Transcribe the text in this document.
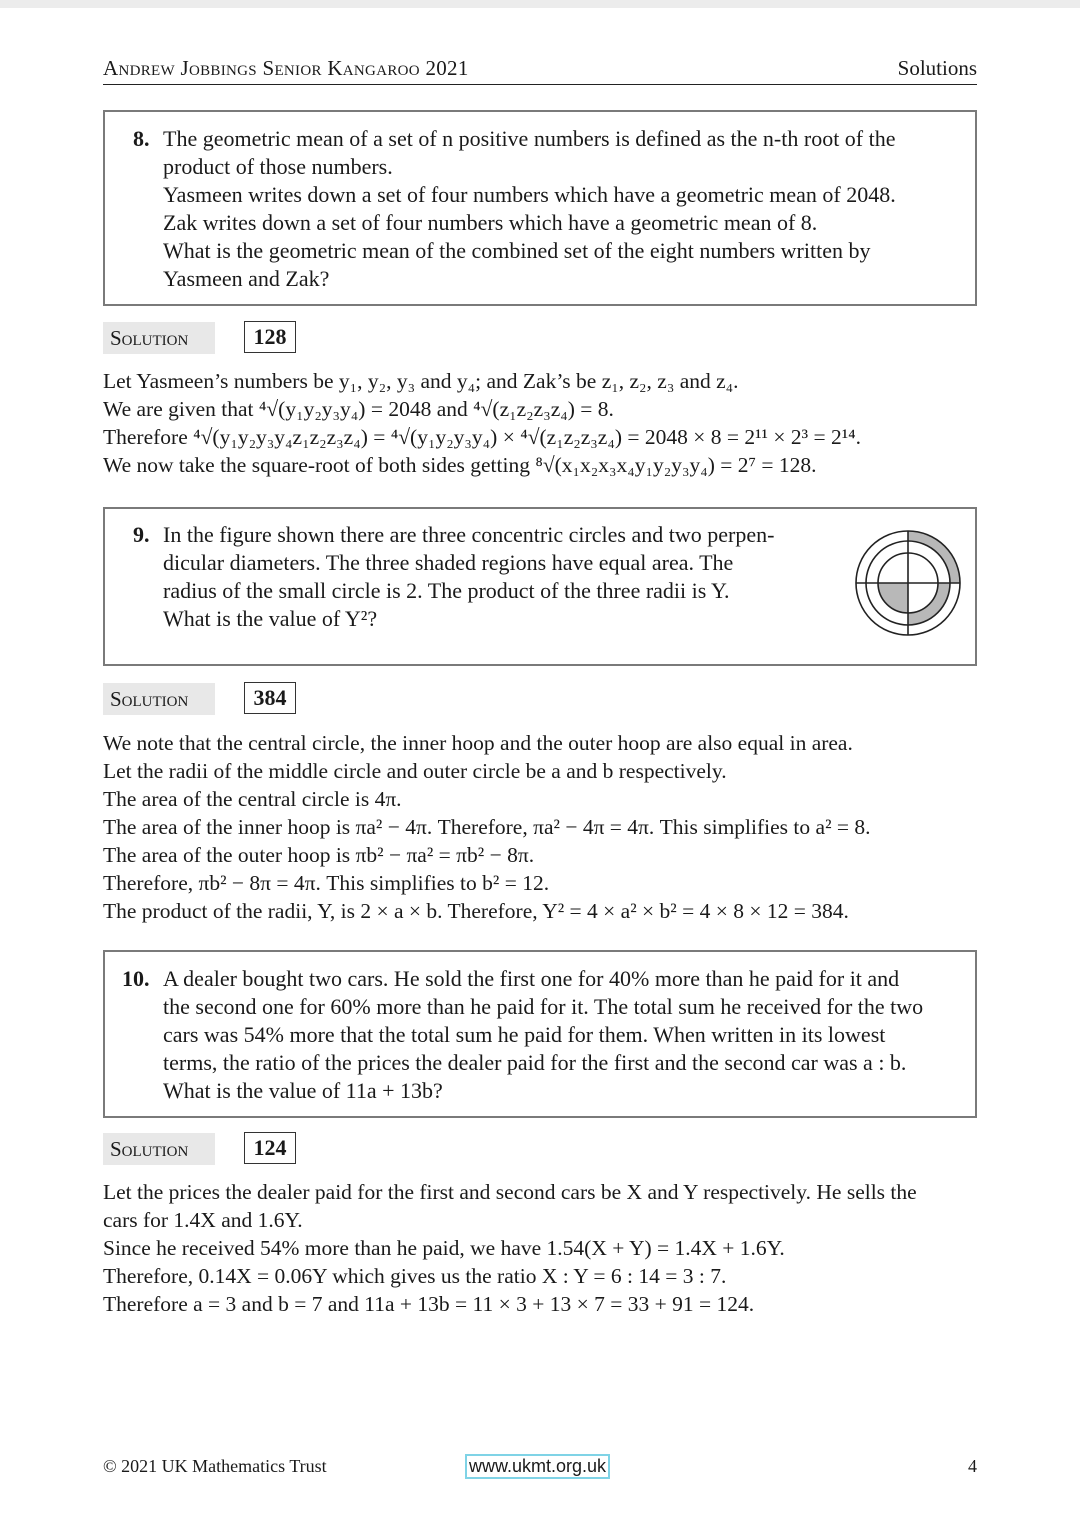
Andrew Jobbings Senior Kangaroo 2021	Solutions
8. The geometric mean of a set of n positive numbers is defined as the n-th root of the
product of those numbers.
Yasmeen writes down a set of four numbers which have a geometric mean of 2048.
Zak writes down a set of four numbers which have a geometric mean of 8.
What is the geometric mean of the combined set of the eight numbers written by
Yasmeen and Zak?
Solution	128
Let Yasmeen’s numbers be y₁, y₂, y₃ and y₄; and Zak’s be z₁, z₂, z₃ and z₄.
We are given that ⁴√(y₁y₂y₃y₄) = 2048 and ⁴√(z₁z₂z₃z₄) = 8.
Therefore ⁴√(y₁y₂y₃y₄z₁z₂z₃z₄) = ⁴√(y₁y₂y₃y₄) × ⁴√(z₁z₂z₃z₄) = 2048 × 8 = 2¹¹ × 2³ = 2¹⁴.
We now take the square-root of both sides getting ⁸√(x₁x₂x₃x₄y₁y₂y₃y₄) = 2⁷ = 128.
9. In the figure shown there are three concentric circles and two perpen-
dicular diameters. The three shaded regions have equal area. The
radius of the small circle is 2. The product of the three radii is Y.
What is the value of Y²?
Solution	384
We note that the central circle, the inner hoop and the outer hoop are also equal in area.
Let the radii of the middle circle and outer circle be a and b respectively.
The area of the central circle is 4π.
The area of the inner hoop is πa² − 4π. Therefore, πa² − 4π = 4π. This simplifies to a² = 8.
The area of the outer hoop is πb² − πa² = πb² − 8π.
Therefore, πb² − 8π = 4π. This simplifies to b² = 12.
The product of the radii, Y, is 2 × a × b. Therefore, Y² = 4 × a² × b² = 4 × 8 × 12 = 384.
10. A dealer bought two cars. He sold the first one for 40% more than he paid for it and
the second one for 60% more than he paid for it. The total sum he received for the two
cars was 54% more that the total sum he paid for them. When written in its lowest
terms, the ratio of the prices the dealer paid for the first and the second car was a : b.
What is the value of 11a + 13b?
Solution	124
Let the prices the dealer paid for the first and second cars be X and Y respectively. He sells the
cars for 1.4X and 1.6Y.
Since he received 54% more than he paid, we have 1.54(X + Y) = 1.4X + 1.6Y.
Therefore, 0.14X = 0.06Y which gives us the ratio X : Y = 6 : 14 = 3 : 7.
Therefore a = 3 and b = 7 and 11a + 13b = 11 × 3 + 13 × 7 = 33 + 91 = 124.
© 2021 UK Mathematics Trust	www.ukmt.org.uk	4
